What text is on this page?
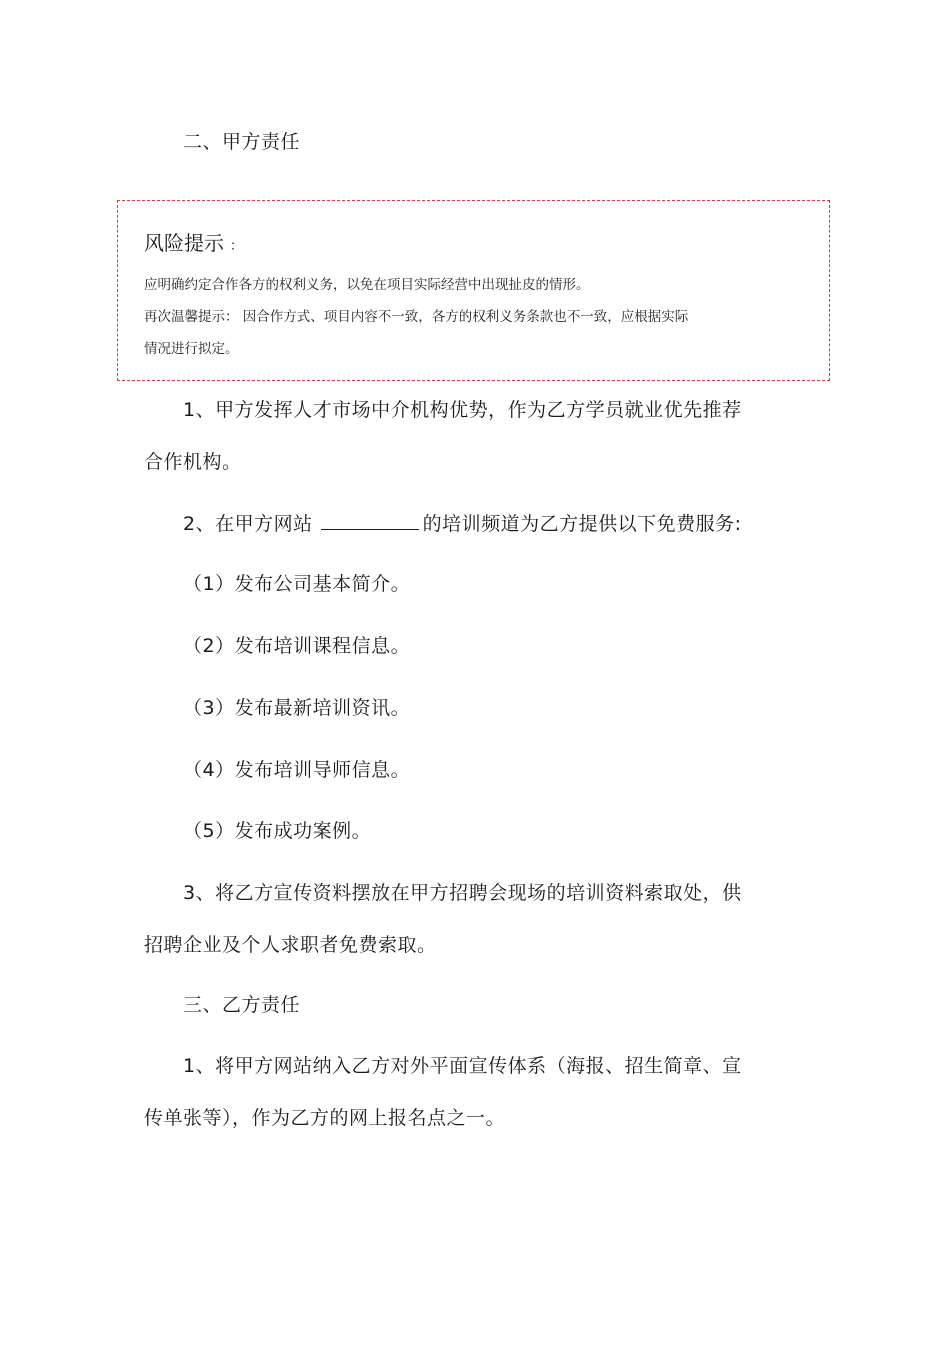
二、甲方责任
风险提示 ：
应明确约定合作各方的权利义务，以免在项目实际经营中出现扯皮的情形。
再次温馨提示： 因合作方式、项目内容不一致，各方的权利义务条款也不一致，应根据实际
情况进行拟定。
1、甲方发挥人才市场中介机构优势，作为乙方学员就业优先推荐
合作机构。
2、在甲方网站	的培训频道为乙方提供以下免费服务:
（1）发布公司基本简介。
（2）发布培训课程信息。
（3）发布最新培训资讯。
（4）发布培训导师信息。
（5）发布成功案例。
3、将乙方宣传资料摆放在甲方招聘会现场的培训资料索取处，供
招聘企业及个人求职者免费索取。
三、乙方责任
1、将甲方网站纳入乙方对外平面宣传体系（海报、招生简章、宣
传单张等），作为乙方的网上报名点之一。
